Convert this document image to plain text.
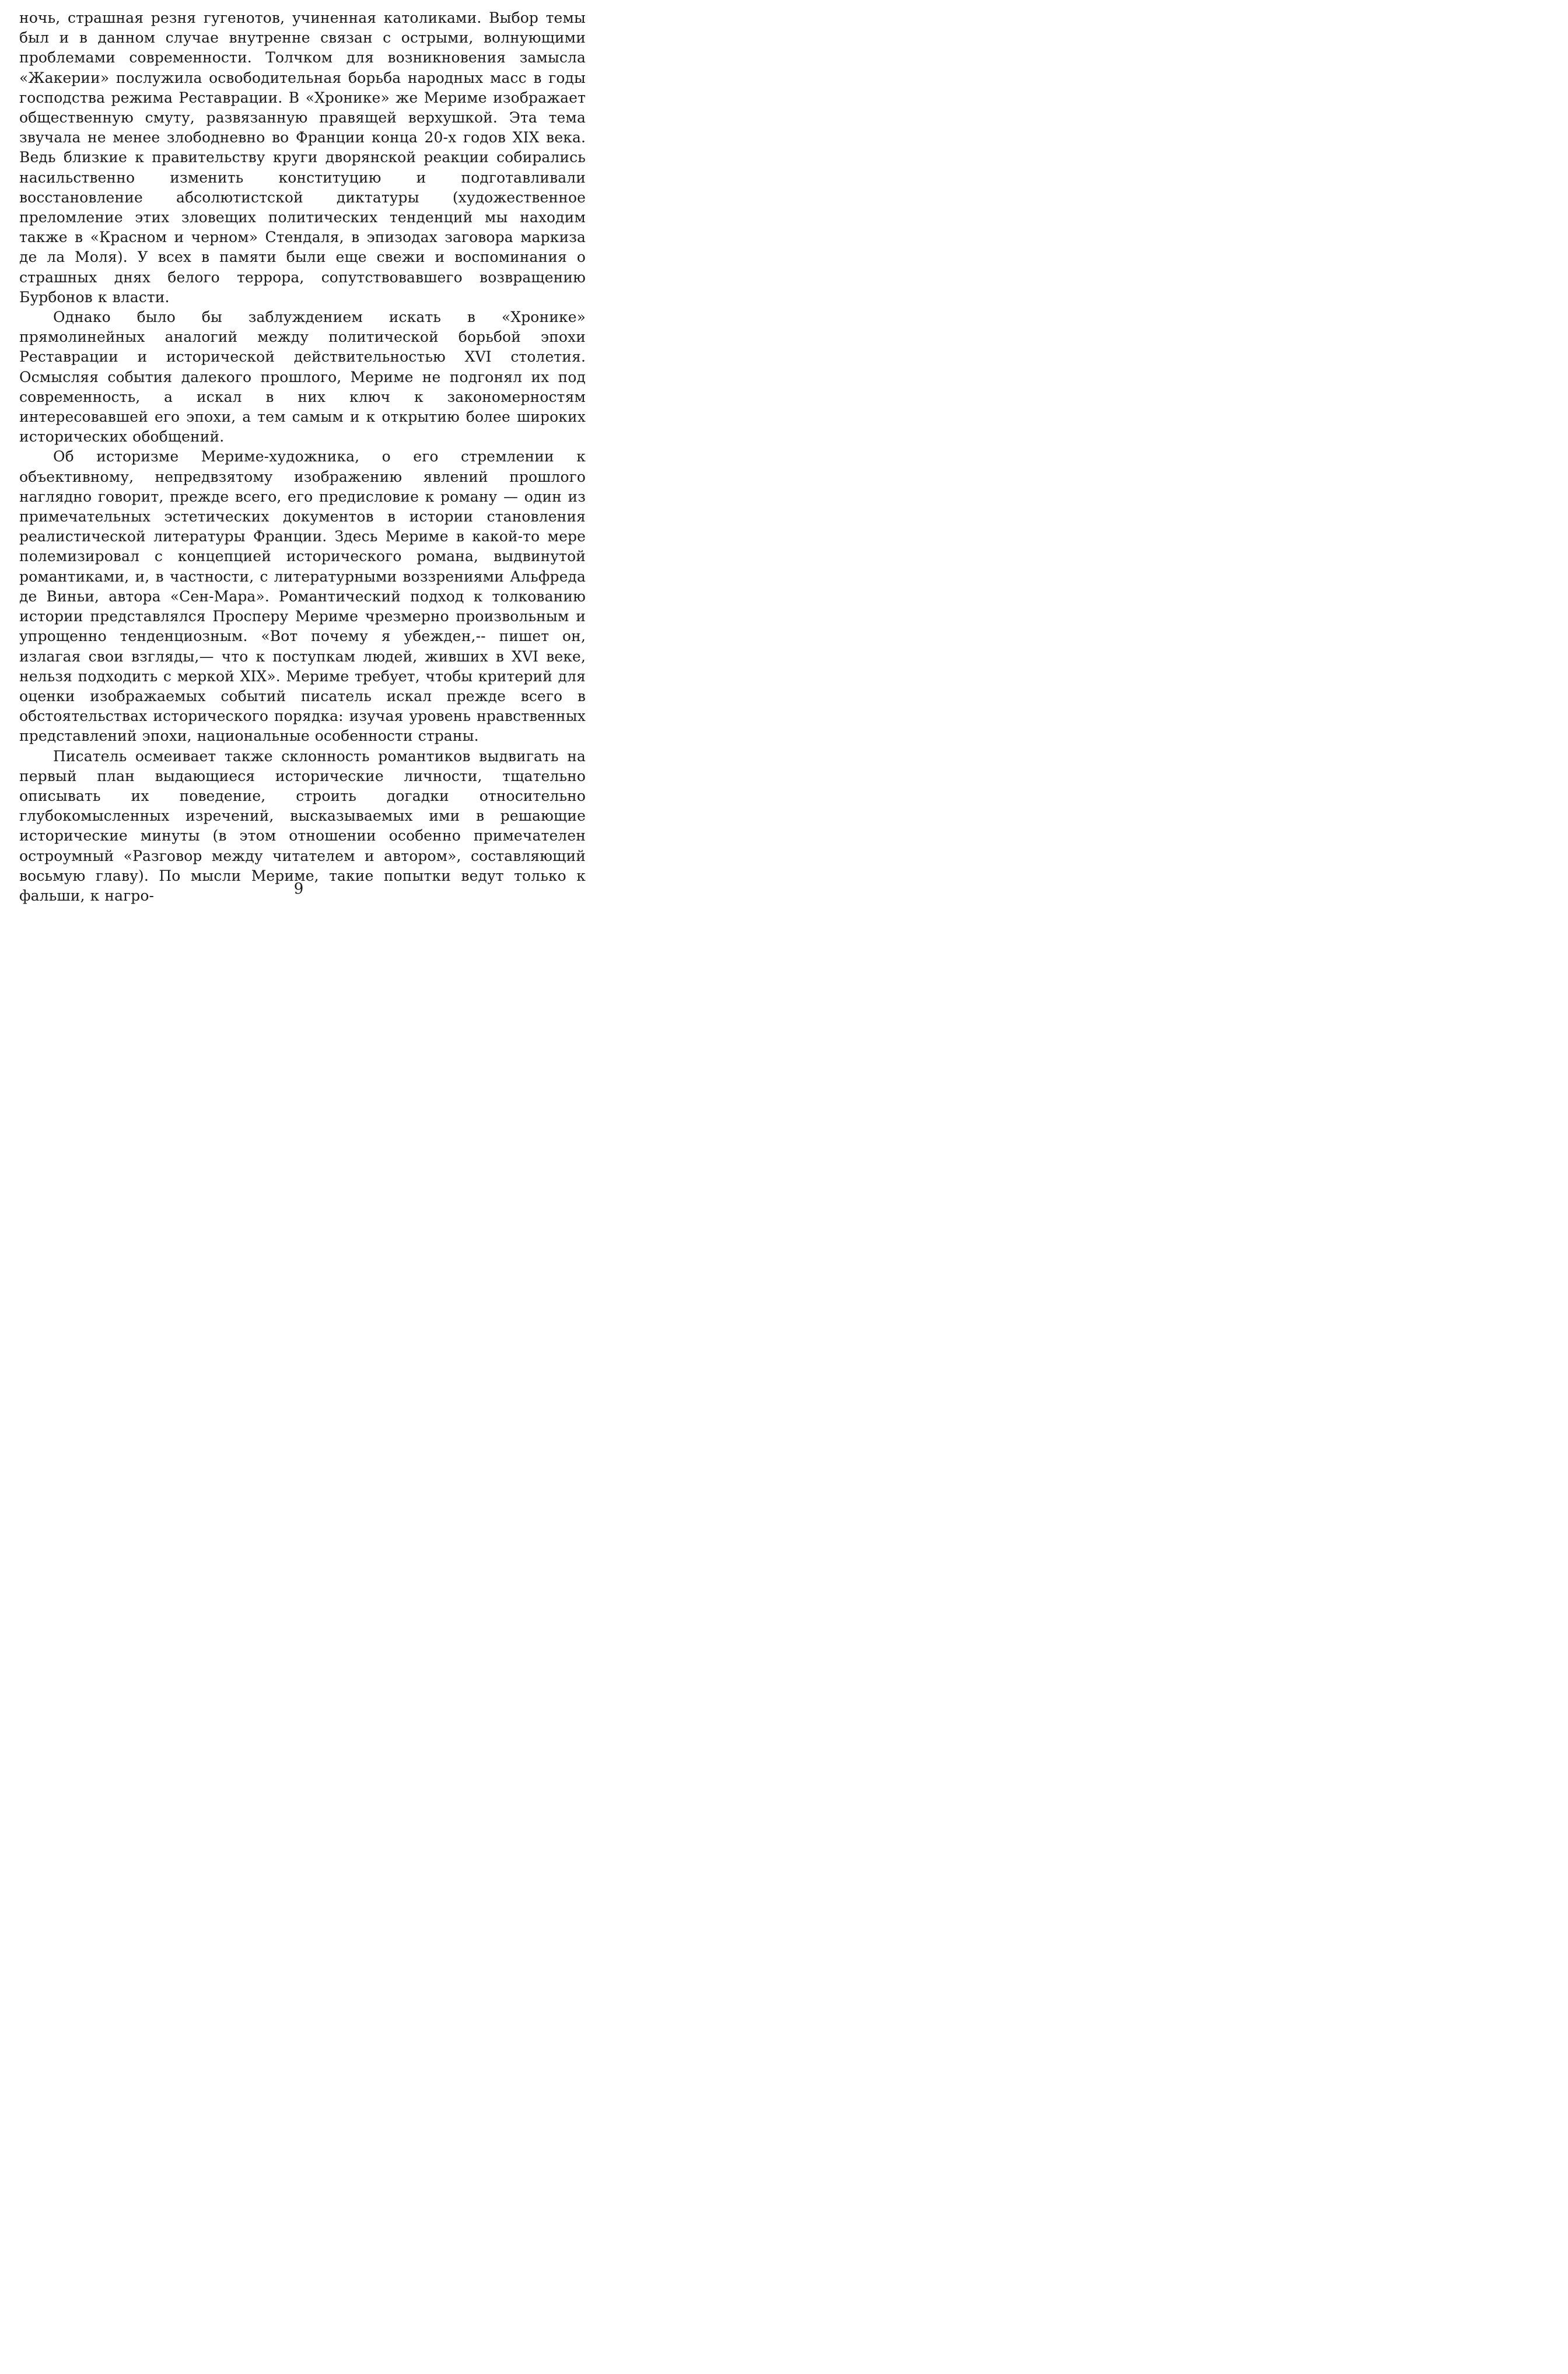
ночь, страшная резня гугенотов, учиненная католиками. Выбор темы был и в данном случае внутренне связан с острыми, волнующими проблемами современности. Толчком для возникновения замысла «Жакерии» послужила освободительная борьба народных масс в годы господства режима Реставрации. В «Хронике» же Мериме изображает общественную смуту, развязанную правящей верхушкой. Эта тема звучала не менее злободневно во Франции конца 20-х годов XIX века. Ведь близкие к правительству круги дворянской реакции собирались насильственно изменить конституцию и подготавливали восстановление абсолютистской диктатуры (художественное преломление этих зловещих политических тенденций мы находим также в «Красном и черном» Стендаля, в эпизодах заговора маркиза де ла Моля). У всех в памяти были еще свежи и воспоминания о страшных днях белого террора, сопутствовавшего возвращению Бурбонов к власти.

Однако было бы заблуждением искать в «Хронике» прямолинейных аналогий между политической борьбой эпохи Реставрации и исторической действительностью XVI столетия. Осмысляя события далекого прошлого, Мериме не подгонял их под современность, а искал в них ключ к закономерностям интересовавшей его эпохи, а тем самым и к открытию более широких исторических обобщений.

Об историзме Мериме-художника, о его стремлении к объективному, непредвзятому изображению явлений прошлого наглядно говорит, прежде всего, его предисловие к роману — один из примечательных эстетических документов в истории становления реалистической литературы Франции. Здесь Мериме в какой-то мере полемизировал с концепцией исторического романа, выдвинутой романтиками, и, в частности, с литературными воззрениями Альфреда де Виньи, автора «Сен-Мара». Романтический подход к толкованию истории представлялся Просперу Мериме чрезмерно произвольным и упрощенно тенденциозным. «Вот почему я убежден,-- пишет он, излагая свои взгляды,— что к поступкам людей, живших в XVI веке, нельзя подходить с меркой XIX». Мериме требует, чтобы критерий для оценки изображаемых событий писатель искал прежде всего в обстоятельствах исторического порядка: изучая уровень нравственных представлений эпохи, национальные особенности страны.

Писатель осмеивает также склонность романтиков выдвигать на первый план выдающиеся исторические личности, тщательно описывать их поведение, строить догадки относительно глубокомысленных изречений, высказываемых ими в решающие исторические минуты (в этом отношении особенно примечателен остроумный «Разговор между читателем и автором», составляющий восьмую главу). По мысли Мериме, такие попытки ведут только к фальши, к нагро-	9
